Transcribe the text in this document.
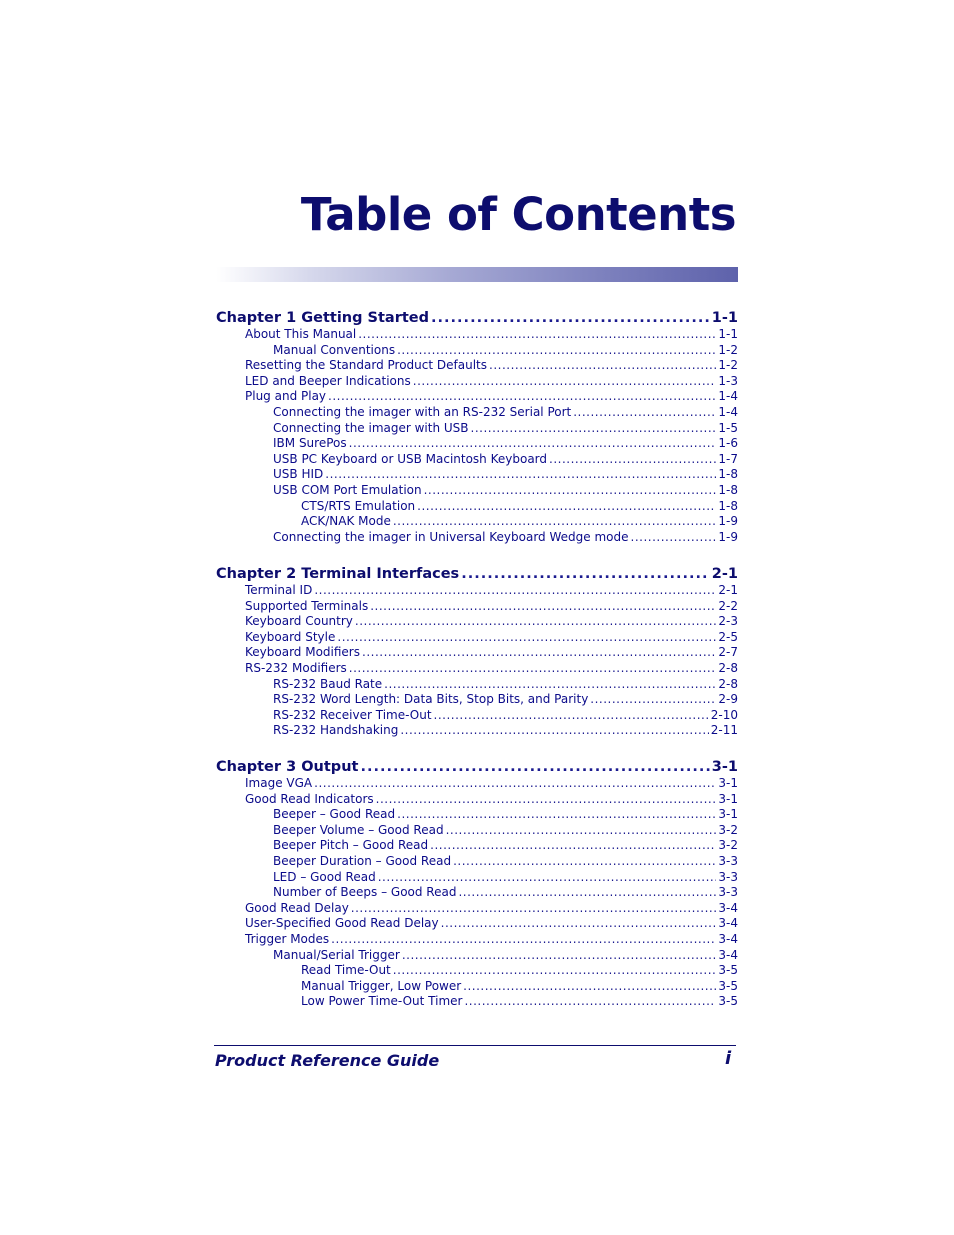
Table of Contents
Chapter 1 Getting Started .....	1-1
About This Manual .....	1-1
Manual Conventions .....	1-2
Resetting the Standard Product Defaults .....	1-2
LED and Beeper Indications .....	1-3
Plug and Play .....	1-4
Connecting the imager with an RS-232 Serial Port .....	1-4
Connecting the imager with USB .....	1-5
IBM SurePos .....	1-6
USB PC Keyboard or USB Macintosh Keyboard .....	1-7
USB HID .....	1-8
USB COM Port Emulation .....	1-8
CTS/RTS Emulation .....	1-8
ACK/NAK Mode .....	1-9
Connecting the imager in Universal Keyboard Wedge mode .....	1-9
Chapter 2 Terminal Interfaces .....	2-1
Terminal ID .....	2-1
Supported Terminals .....	2-2
Keyboard Country .....	2-3
Keyboard Style .....	2-5
Keyboard Modifiers .....	2-7
RS-232 Modifiers .....	2-8
RS-232 Baud Rate .....	2-8
RS-232 Word Length: Data Bits, Stop Bits, and Parity .....	2-9
RS-232 Receiver Time-Out .....	2-10
RS-232 Handshaking .....	2-11
Chapter 3 Output .....	3-1
Image VGA .....	3-1
Good Read Indicators .....	3-1
Beeper – Good Read .....	3-1
Beeper Volume – Good Read .....	3-2
Beeper Pitch – Good Read .....	3-2
Beeper Duration – Good Read .....	3-3
LED – Good Read .....	3-3
Number of Beeps – Good Read .....	3-3
Good Read Delay .....	3-4
User-Specified Good Read Delay .....	3-4
Trigger Modes .....	3-4
Manual/Serial Trigger .....	3-4
Read Time-Out .....	3-5
Manual Trigger, Low Power .....	3-5
Low Power Time-Out Timer .....	3-5
Product Reference Guide	i
